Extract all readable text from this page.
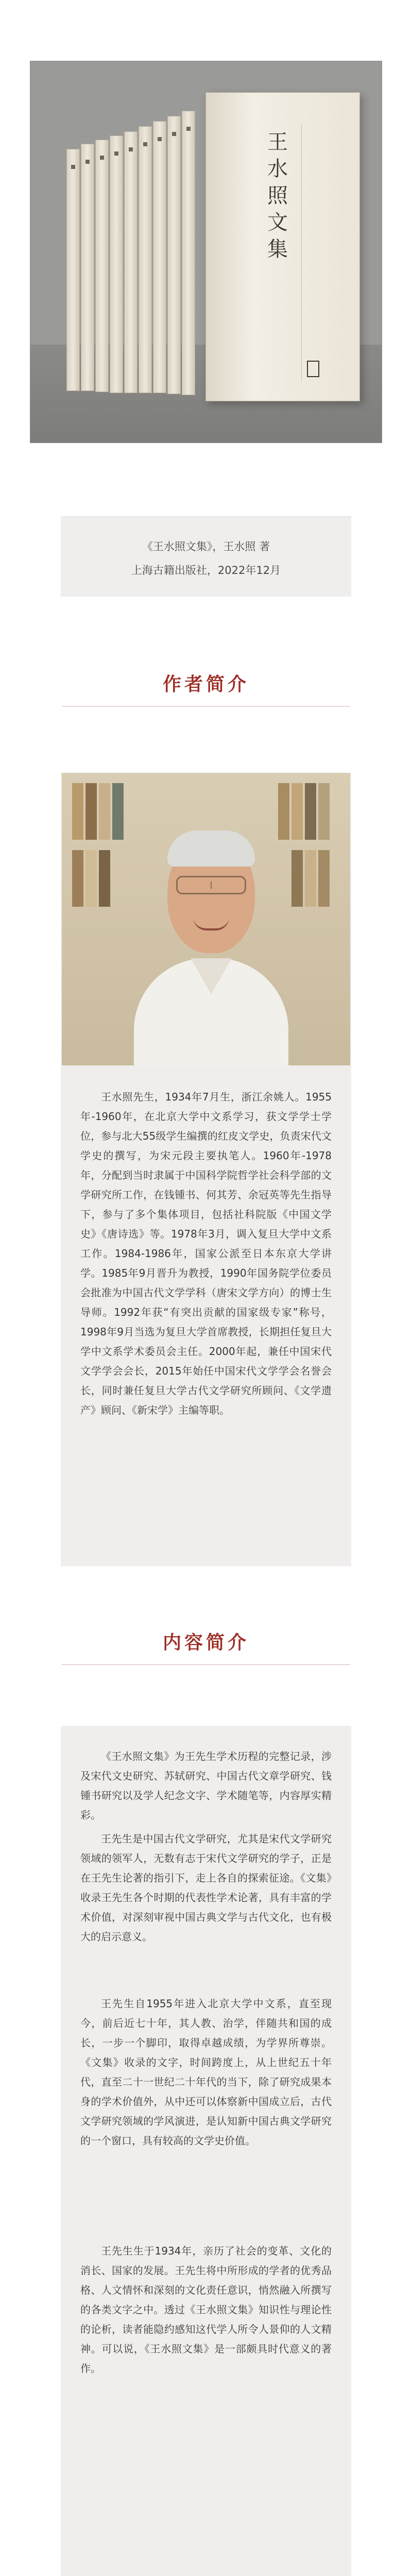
王水照文集
《王水照文集》，王水照 著
上海古籍出版社，2022年12月
作者简介

王水照先生，1934年7月生，浙江余姚人。1955年-1960年，在北京大学中文系学习，获文学学士学位，参与北大55级学生编撰的红皮文学史，负责宋代文学史的撰写，为宋元段主要执笔人。1960年-1978年，分配到当时隶属于中国科学院哲学社会科学部的文学研究所工作，在钱锺书、何其芳、余冠英等先生指导下，参与了多个集体项目，包括社科院版《中国文学史》《唐诗选》等。1978年3月，调入复旦大学中文系工作。1984-1986年，国家公派至日本东京大学讲学。1985年9月晋升为教授，1990年国务院学位委员会批准为中国古代文学学科（唐宋文学方向）的博士生导师。1992年获“有突出贡献的国家级专家”称号，1998年9月当选为复旦大学首席教授，长期担任复旦大学中文系学术委员会主任。2000年起，兼任中国宋代文学学会会长，2015年始任中国宋代文学学会名誉会长，同时兼任复旦大学古代文学研究所顾问、《文学遗产》顾问、《新宋学》主编等职。

内容简介

《王水照文集》为王先生学术历程的完整记录，涉及宋代文史研究、苏轼研究、中国古代文章学研究、钱锺书研究以及学人纪念文字、学术随笔等，内容厚实精彩。

王先生是中国古代文学研究，尤其是宋代文学研究领域的领军人，无数有志于宋代文学研究的学子，正是在王先生论著的指引下，走上各自的探索征途。《文集》收录王先生各个时期的代表性学术论著，具有丰富的学术价值，对深刻审视中国古典文学与古代文化，也有极大的启示意义。

王先生自1955年进入北京大学中文系，直至现今，前后近七十年，其人教、治学，伴随共和国的成长，一步一个脚印，取得卓越成绩，为学界所尊崇。《文集》收录的文字，时间跨度上，从上世纪五十年代，直至二十一世纪二十年代的当下，除了研究成果本身的学术价值外，从中还可以体察新中国成立后，古代文学研究领域的学风演进，是认知新中国古典文学研究的一个窗口，具有较高的文学史价值。

王先生生于1934年，亲历了社会的变革、文化的消长、国家的发展。王先生将中所形成的学者的优秀品格、人文情怀和深刻的文化责任意识，悄然融入所撰写的各类文字之中。透过《王水照文集》知识性与理论性的论析，读者能隐约感知这代学人所令人景仰的人文精神。可以说，《王水照文集》是一部颇具时代意义的著作。
